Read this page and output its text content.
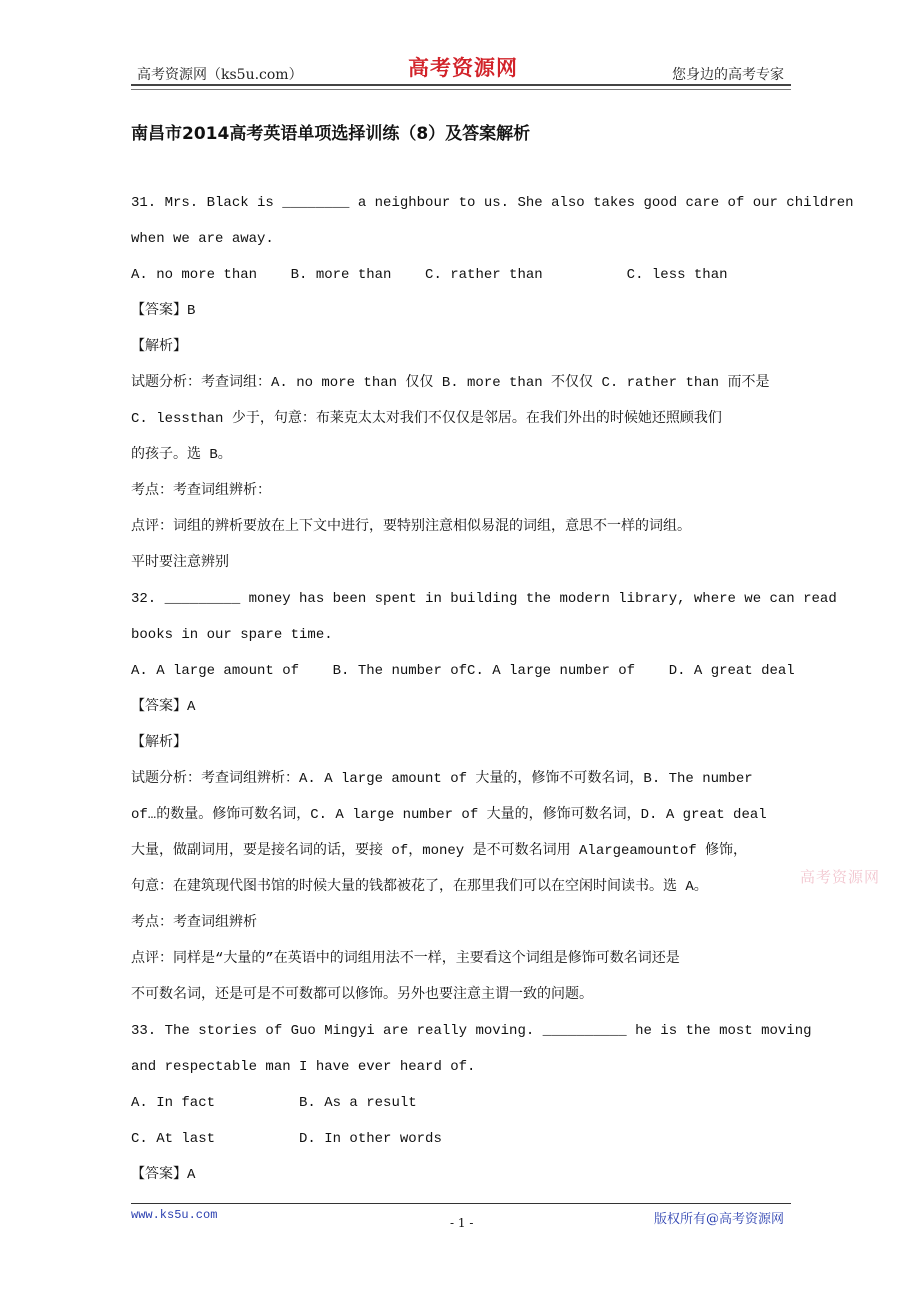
高考资源网（ks5u.com）	高考资源网	您身边的高考专家
南昌市2014高考英语单项选择训练（8）及答案解析
31. Mrs. Black is ________ a neighbour to us. She also takes good care of our children
when we are away.
A. no more than    B. more than    C. rather than          C. less than
【答案】B
【解析】
试题分析：考查词组：A. no more than 仅仅 B. more than 不仅仅 C. rather than 而不是
C. lessthan 少于，句意：布莱克太太对我们不仅仅是邻居。在我们外出的时候她还照顾我们
的孩子。选 B。
考点：考查词组辨析：
点评：词组的辨析要放在上下文中进行，要特别注意相似易混的词组，意思不一样的词组。
平时要注意辨别
32. _________ money has been spent in building the modern library, where we can read
books in our spare time.
A. A large amount of    B. The number ofC. A large number of    D. A great deal
【答案】A
【解析】
试题分析：考查词组辨析：A. A large amount of 大量的，修饰不可数名词，B. The number
of…的数量。修饰可数名词，C. A large number of 大量的，修饰可数名词，D. A great deal
大量，做副词用，要是接名词的话，要接 of，money 是不可数名词用 Alargeamountof 修饰，
句意：在建筑现代图书馆的时候大量的钱都被花了，在那里我们可以在空闲时间读书。选 A。
考点：考查词组辨析
点评：同样是“大量的”在英语中的词组用法不一样，主要看这个词组是修饰可数名词还是
不可数名词，还是可是不可数都可以修饰。另外也要注意主谓一致的问题。
33. The stories of Guo Mingyi are really moving. __________ he is the most moving
and respectable man I have ever heard of.
A. In fact          B. As a result
C. At last          D. In other words
【答案】A
高考资源网
www.ks5u.com
- 1 -	版权所有@高考资源网
